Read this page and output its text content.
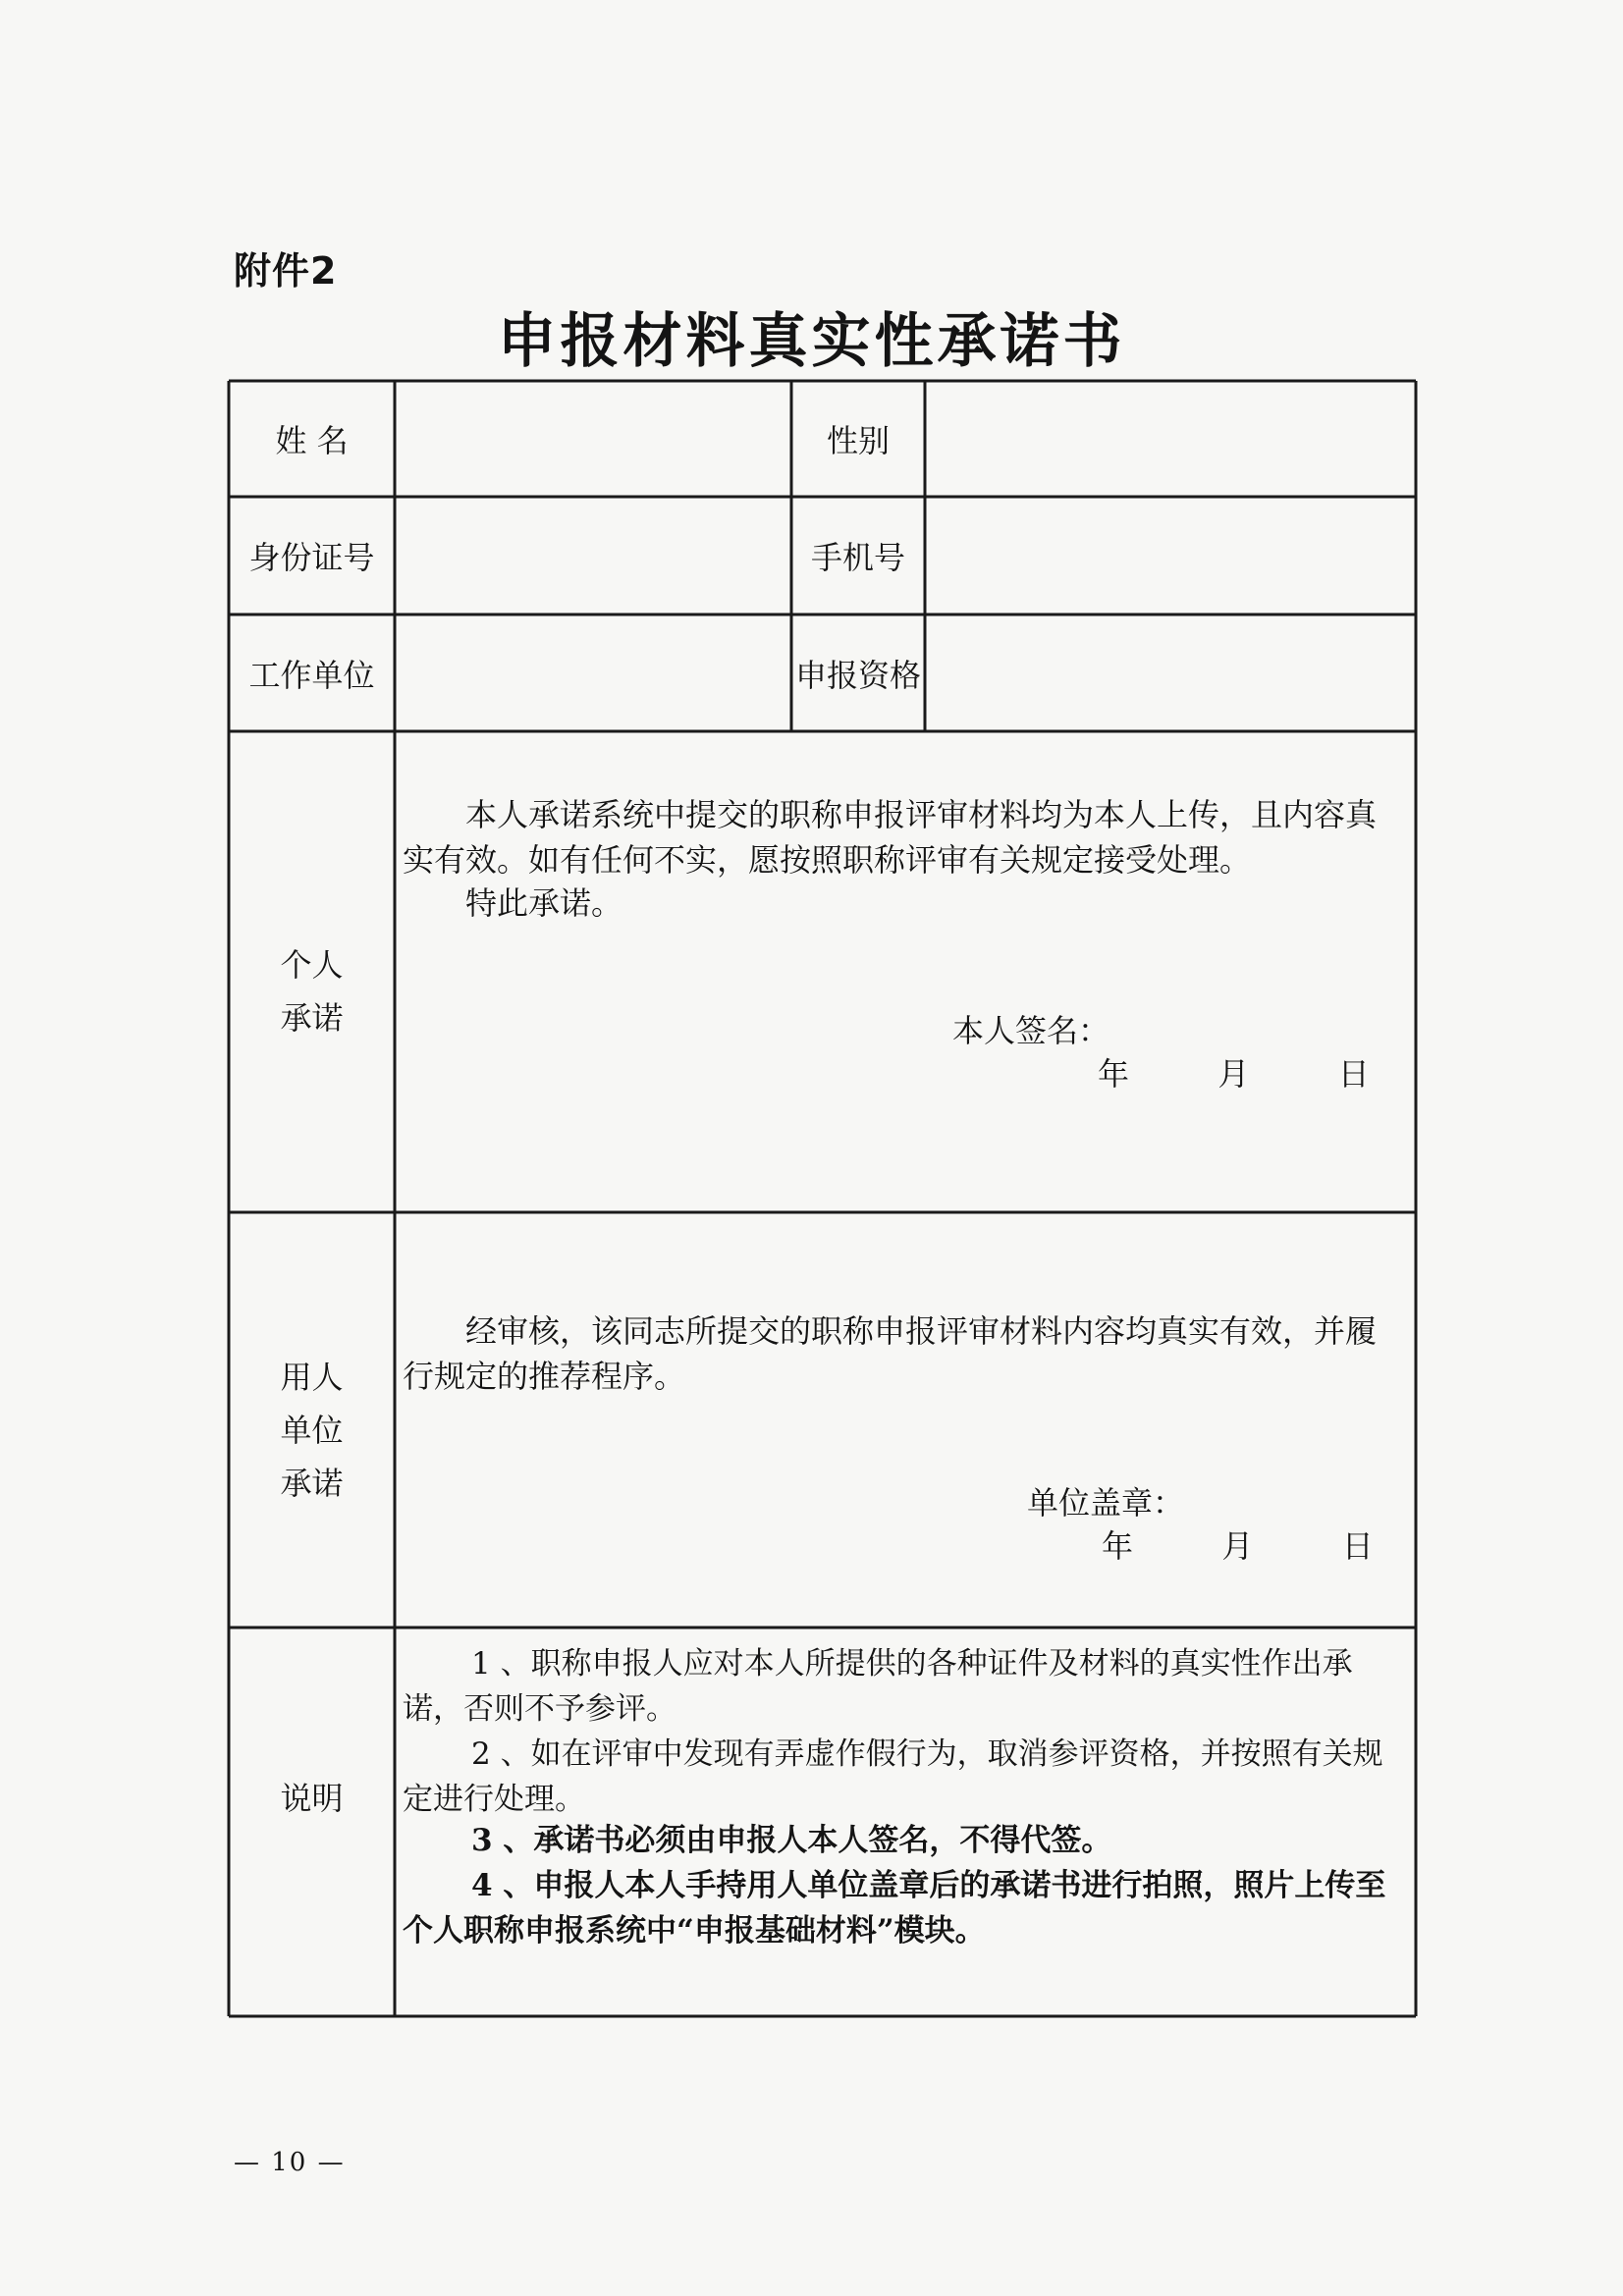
附件2
申报材料真实性承诺书
姓 名	性别
身份证号	手机号
工作单位	申报资格
个人
承诺
本人承诺系统中提交的职称申报评审材料均为本人上传，且内容真实有效。如有任何不实，愿按照职称评审有关规定接受处理。
特此承诺。
本人签名：
年	月	日
用人
单位
承诺
经审核，该同志所提交的职称申报评审材料内容均真实有效，并履行规定的推荐程序。
单位盖章：
年	月	日
说明
1 、职称申报人应对本人所提供的各种证件及材料的真实性作出承诺，否则不予参评。
2 、如在评审中发现有弄虚作假行为，取消参评资格，并按照有关规定进行处理。
3 、承诺书必须由申报人本人签名，不得代签。
4 、申报人本人手持用人单位盖章后的承诺书进行拍照，照片上传至个人职称申报系统中“申报基础材料”模块。
— 10 —
